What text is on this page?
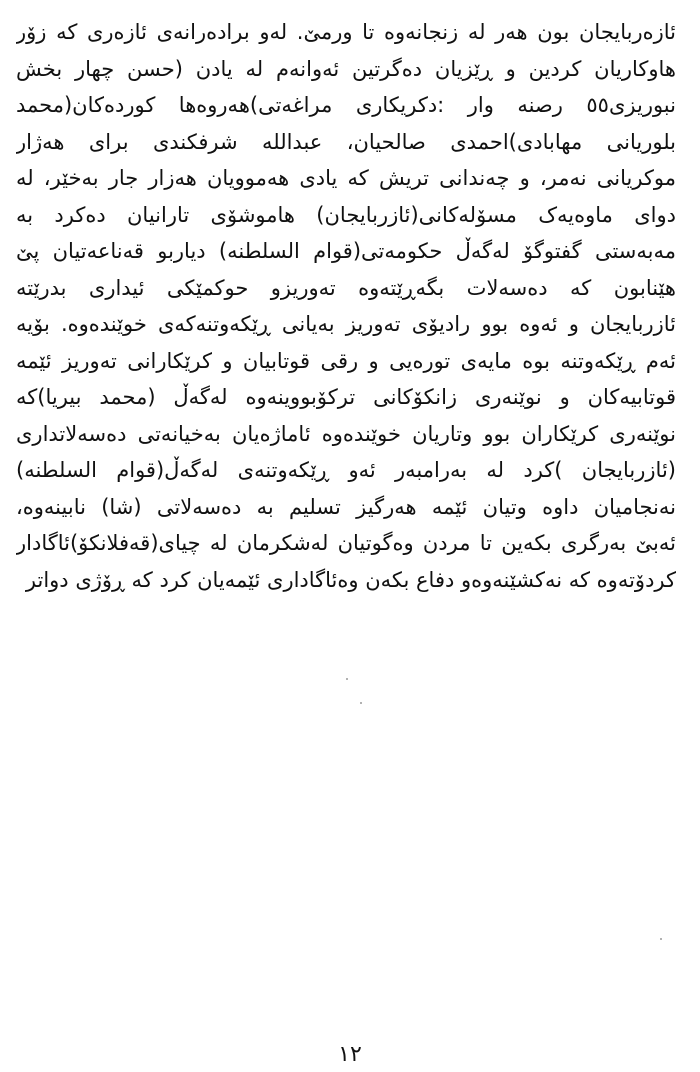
ئازەربایجان بون هەر لە زنجانەوە تا ورمێ. لەو برادەرانەی ئازەری کە زۆر
هاوکاریان کردین و ڕێزیان دەگرتین ئەوانەم لە یادن (حسن چهار بخش
نبوریزی٥٥ رصنه وار :دکریکاری مراغه‌تی)هەروەها کوردەکان(محمد
بلوریانی مهابادی)احمدی صالحیان، عبدالله شرفکندی برای هەژار
موکریانی نەمر، و چەندانی تریش کە یادی هەموویان هەزار جار بەخێر، لە
دوای ماوەیەک مسۆلەکانی(ئازربایجان) هاموشۆی تارانیان دەکرد بە
مەبەستی گفتوگۆ لەگەڵ حکومەتی(قوام السلطنه) دیاربو قەناعەتیان پێ
هێنابون کە دەسەلات بگەڕێتەوە تەوریزو حوکمێکی ئیداری بدرێتە
ئازربایجان و ئەوە بوو رادیۆی تەوریز بەیانی ڕێکەوتنەکەی خوێندەوە. بۆیە
ئەم ڕێکەوتنە بوە مایەی تورەیی و رقی قوتابیان و کرێکارانی تەوریز ئێمە
قوتابیەکان و نوێنەری زانکۆکانی ترکۆبووینەوە لەگەڵ (محمد بیریا)کە
نوێنەری کرێکاران بوو وتاریان خوێندەوە ئاماژەیان بەخیانەتی دەسەلاتداری
(ئازربایجان )کرد لە بەرامبەر ئەو ڕێکەوتنەی لەگەڵ(قوام السلطنه)
نەنجامیان داوە وتیان ئێمە هەرگیز تسلیم بە دەسەلاتی (شا) نابینەوە،
ئەبێ بەرگری بکەین تا مردن وەگوتیان لەشکرمان لە چیای(قەفلانکۆ)ئاگادار
کردۆتەوە کە نەکشێنەوەو دفاع بکەن وەئاگاداری ئێمەیان کرد کە ڕۆژی دواتر
١٢
